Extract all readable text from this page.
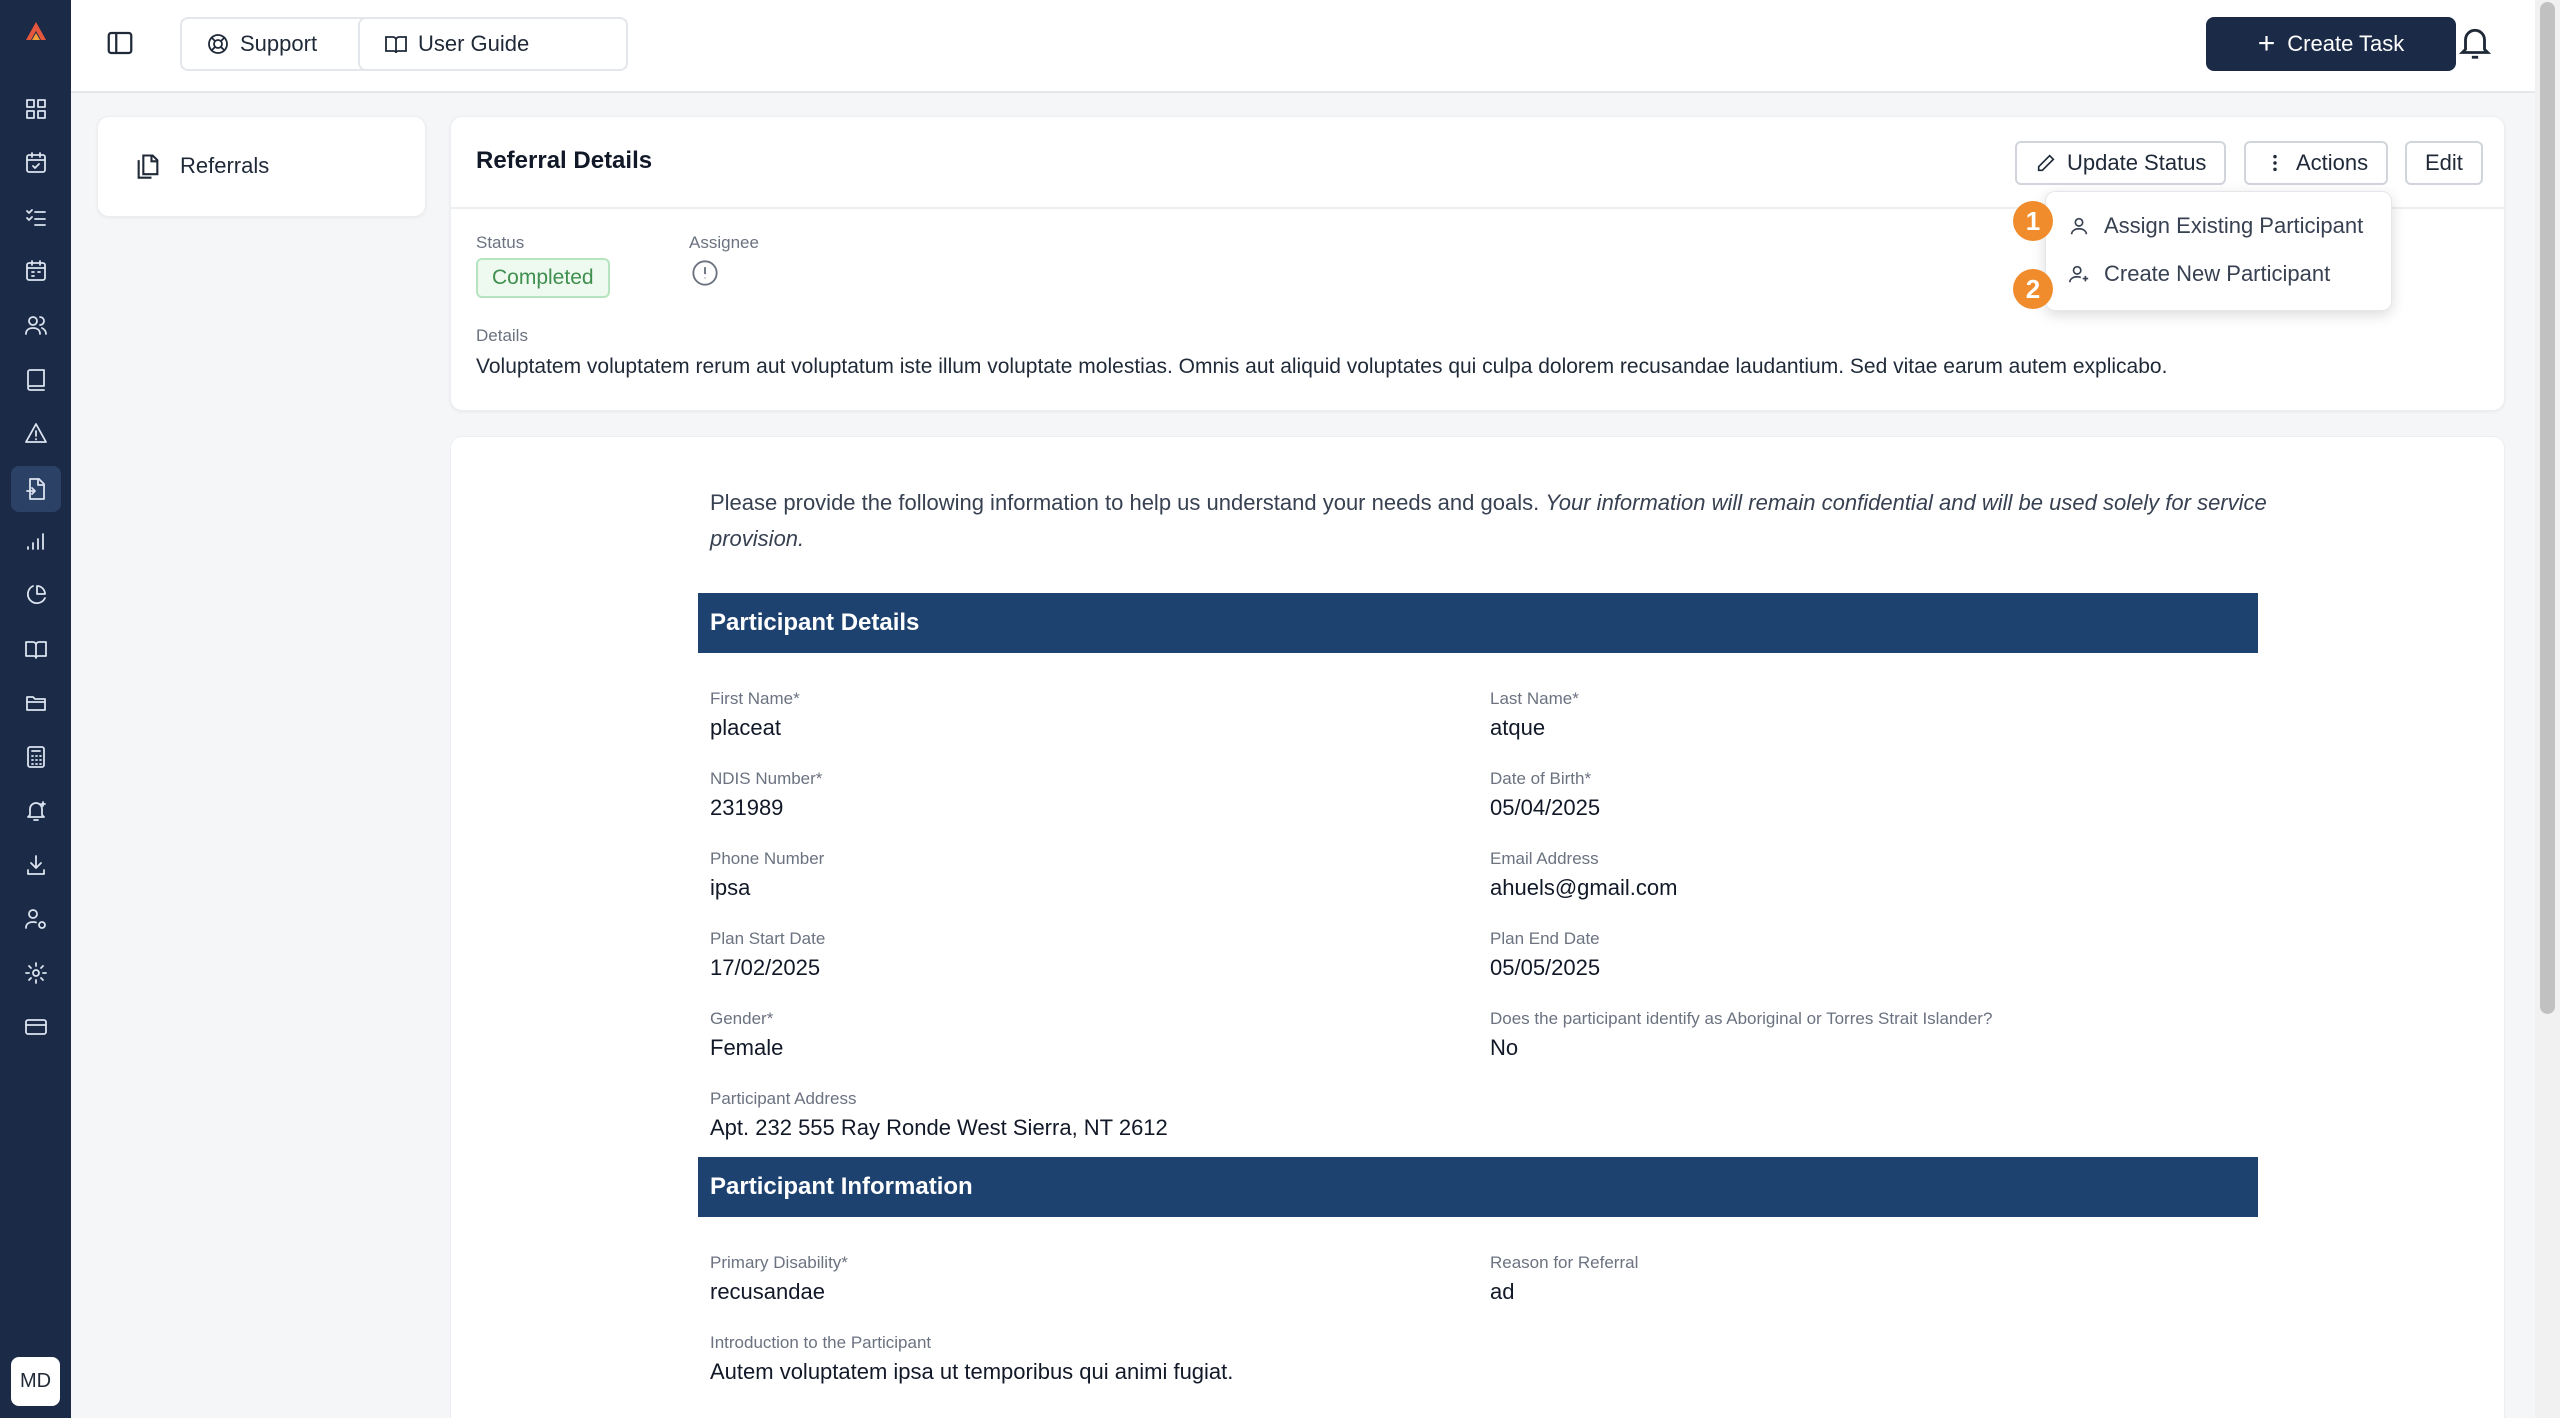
MD
Support	User Guide	+ Create Task
Referrals	Referral Details	Update Status	Actions	Edit
Status
Completed
Assignee
Details
Voluptatem voluptatem rerum aut voluptatum iste illum voluptate molestias. Omnis aut aliquid voluptates qui culpa dolorem recusandae laudantium. Sed vitae earum autem explicabo.
Assign Existing Participant
Create New Participant
1
2
Please provide the following information to help us understand your needs and goals. Your information will remain confidential and will be used solely for service provision.
Participant Details
First Name*
placeat
Last Name*
atque
NDIS Number*
231989
Date of Birth*
05/04/2025
Phone Number
ipsa
Email Address
ahuels@gmail.com
Plan Start Date
17/02/2025
Plan End Date
05/05/2025
Gender*
Female
Does the participant identify as Aboriginal or Torres Strait Islander?
No
Participant Address
Apt. 232 555 Ray Ronde West Sierra, NT 2612
Participant Information
Primary Disability*
recusandae
Reason for Referral
ad
Introduction to the Participant
Autem voluptatem ipsa ut temporibus qui animi fugiat.
